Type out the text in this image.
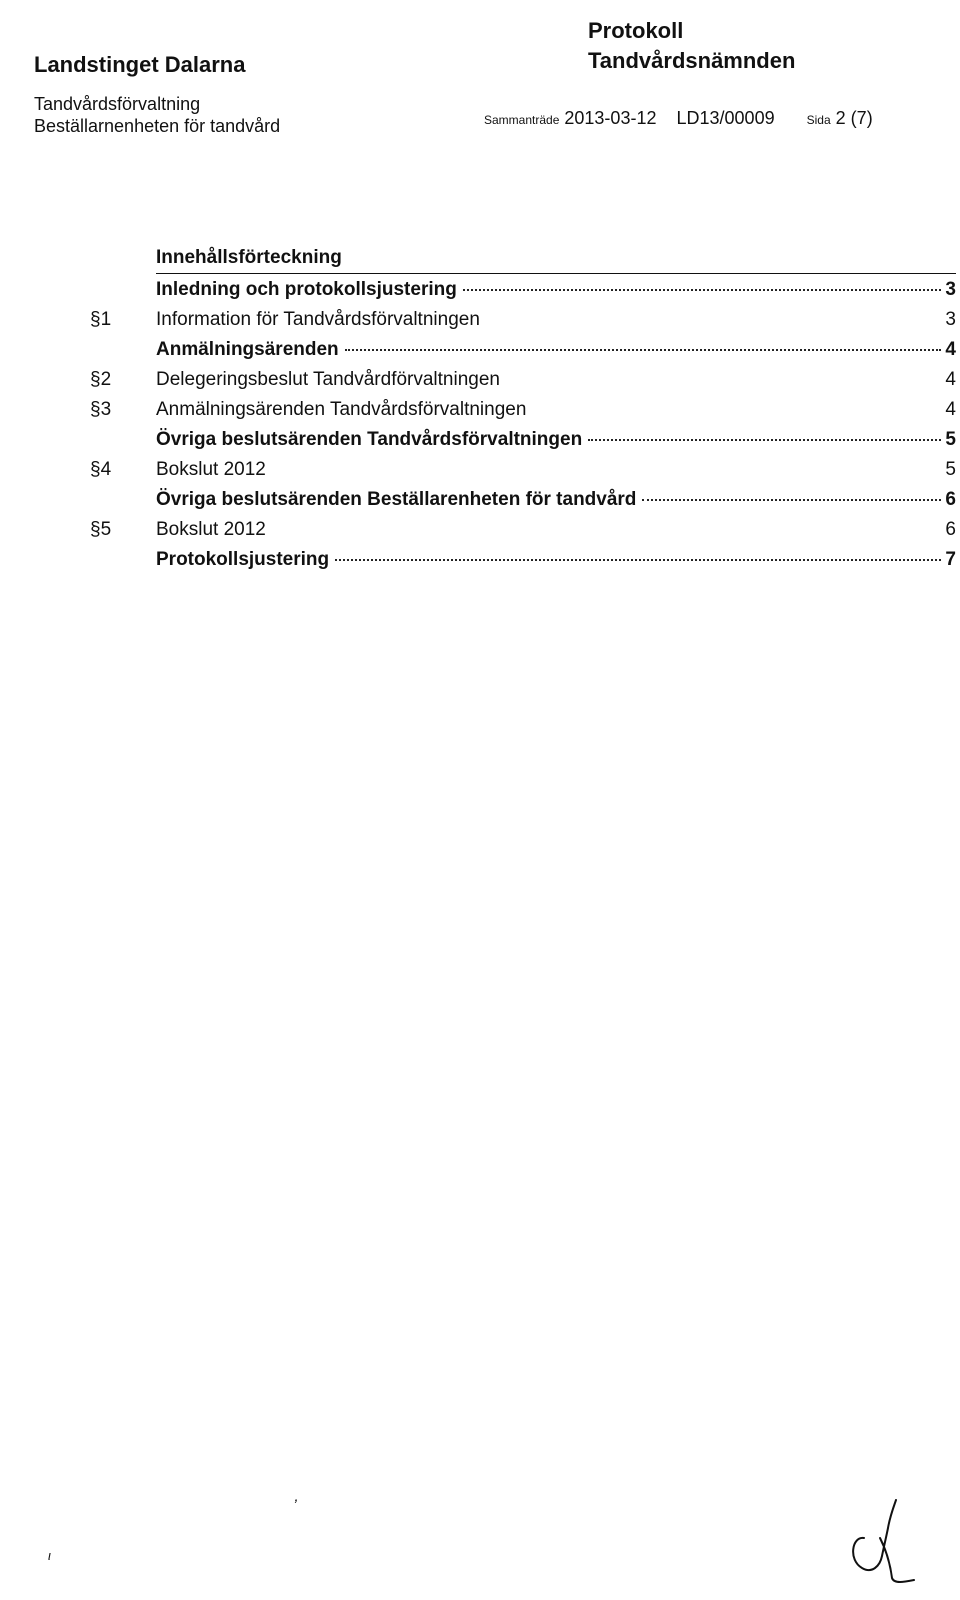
Landstinget Dalarna
Tandvårdsförvaltning
Beställarnenheten för tandvård
Protokoll
Tandvårdsnämnden
Sammanträde 2013-03-12 LD13/00009	Sida 2 (7)
Innehållsförteckning
Inledning och protokollsjustering	3
§1	Information för Tandvårdsförvaltningen	3
Anmälningsärenden	4
§2	Delegeringsbeslut Tandvårdförvaltningen	4
§3	Anmälningsärenden Tandvårdsförvaltningen	4
Övriga beslutsärenden Tandvårdsförvaltningen	5
§4	Bokslut 2012	5
Övriga beslutsärenden Beställarenheten för tandvård	6
§5	Bokslut 2012	6
Protokollsjustering	7
ʼ
ι
